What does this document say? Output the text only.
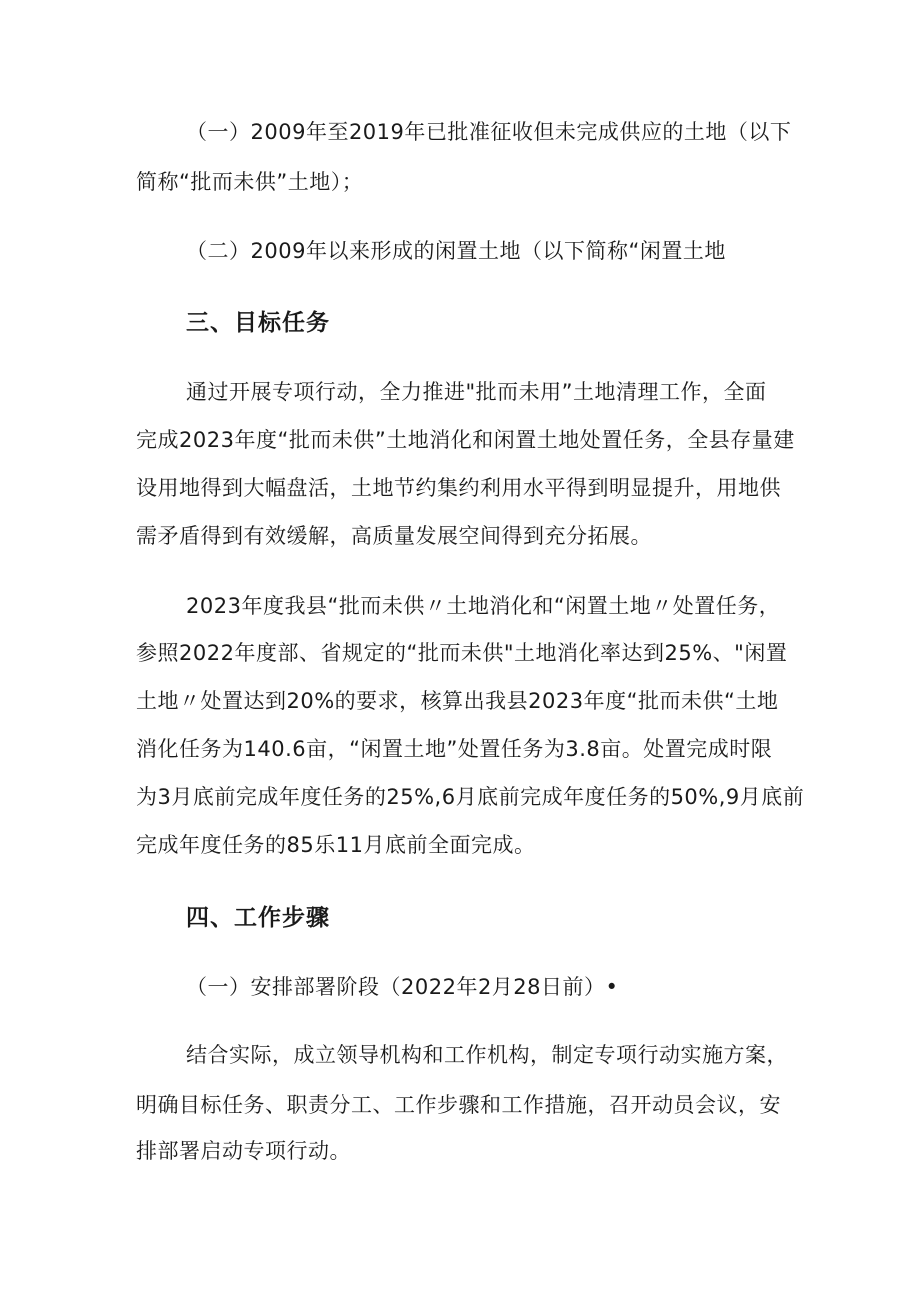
（一）2009年至2019年已批准征收但未完成供应的土地（以下
简称“批而未供”土地）；
（二）2009年以来形成的闲置土地（以下简称“闲置土地
三、目标任务
通过开展专项行动，全力推进"批而未用”土地清理工作，全面
完成2023年度“批而未供”土地消化和闲置土地处置任务，全县存量建
设用地得到大幅盘活，土地节约集约利用水平得到明显提升，用地供
需矛盾得到有效缓解，高质量发展空间得到充分拓展。
2023年度我县“批而未供〃土地消化和“闲置土地〃处置任务，
参照2022年度部、省规定的“批而未供"土地消化率达到25%、"闲置
土地〃处置达到20%的要求，核算出我县2023年度“批而未供“土地
消化任务为140.6亩，“闲置土地”处置任务为3.8亩。处置完成时限
为3月底前完成年度任务的25%,6月底前完成年度任务的50%,9月底前
完成年度任务的85乐11月底前全面完成。
四、工作步骤
（一）安排部署阶段（2022年2月28日前）•
结合实际，成立领导机构和工作机构，制定专项行动实施方案，
明确目标任务、职责分工、工作步骤和工作措施，召开动员会议，安
排部署启动专项行动。
